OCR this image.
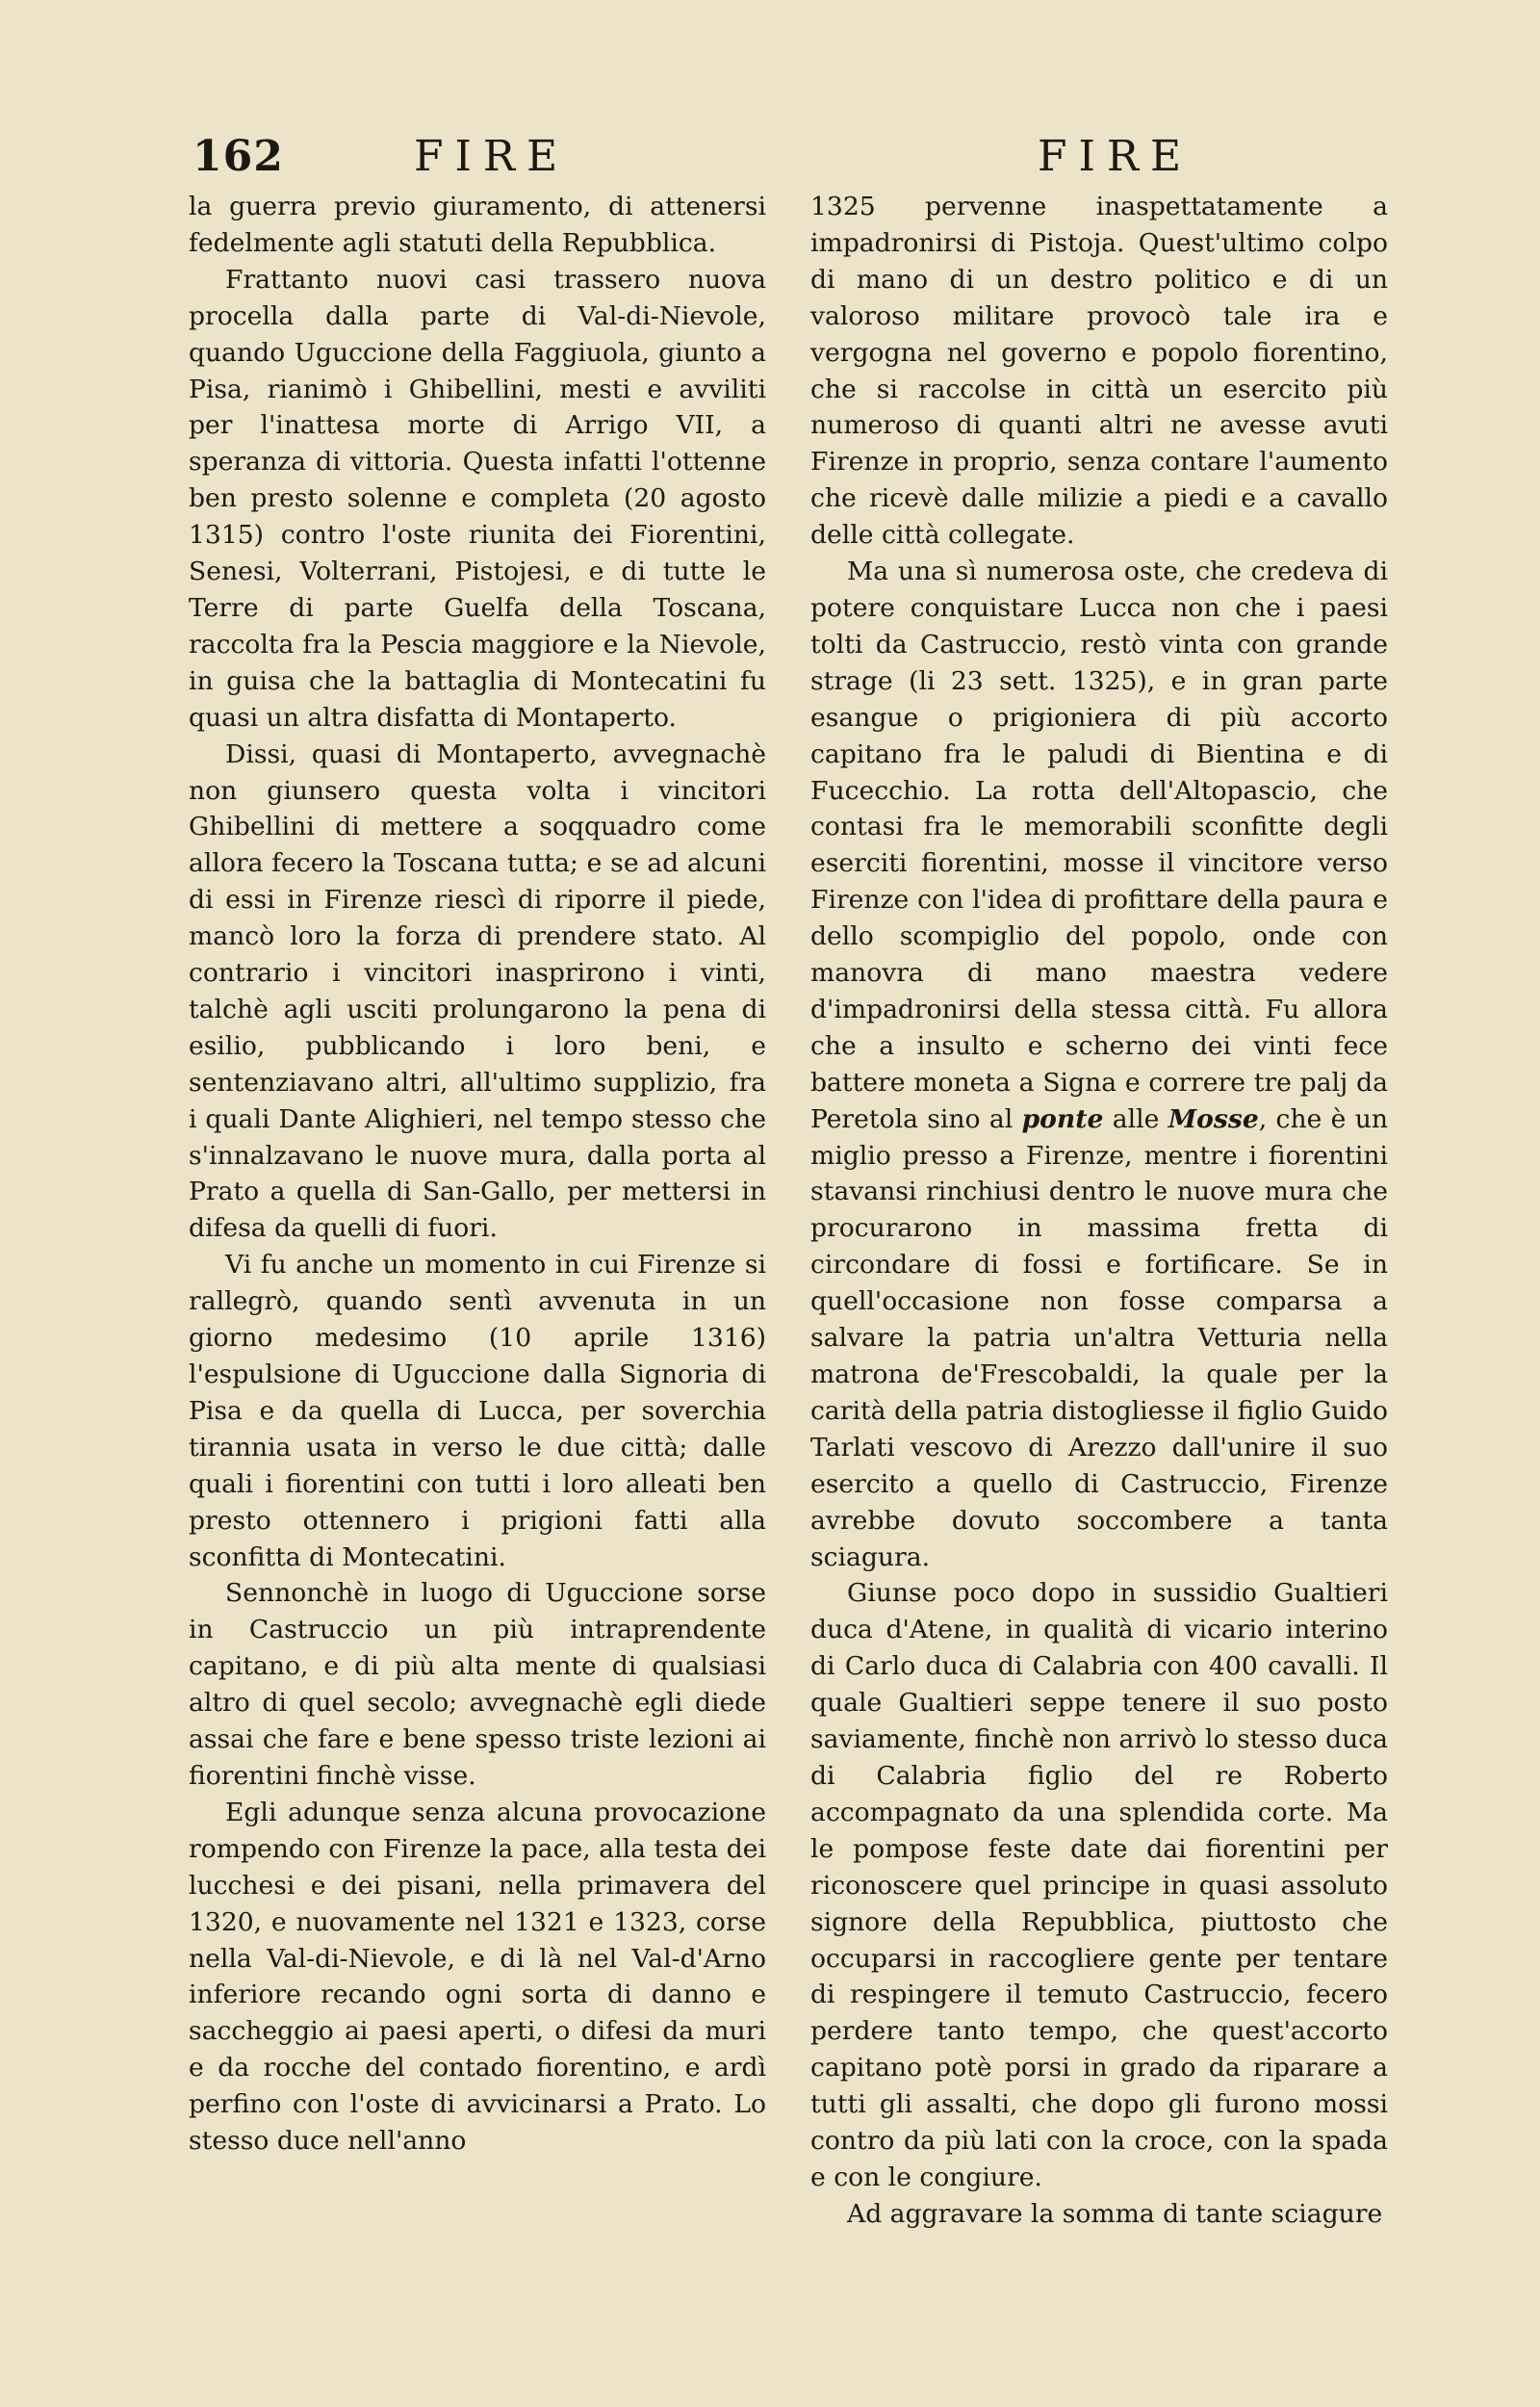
162	FIRE	FIRE

la guerra previo giuramento, di attenersi fedelmente agli statuti della Repubblica.

Frattanto nuovi casi trassero nuova procella dalla parte di Val-di-Nievole, quando Uguccione della Faggiuola, giunto a Pisa, rianimò i Ghibellini, mesti e avviliti per l'inattesa morte di Arrigo VII, a speranza di vittoria. Questa infatti l'ottenne ben presto solenne e completa (20 agosto 1315) contro l'oste riunita dei Fiorentini, Senesi, Volterrani, Pistojesi, e di tutte le Terre di parte Guelfa della Toscana, raccolta fra la Pescia maggiore e la Nievole, in guisa che la battaglia di Montecatini fu quasi un altra disfatta di Montaperto.

Dissi, quasi di Montaperto, avvegnachè non giunsero questa volta i vincitori Ghibellini di mettere a soqquadro come allora fecero la Toscana tutta; e se ad alcuni di essi in Firenze riescì di riporre il piede, mancò loro la forza di prendere stato. Al contrario i vincitori inasprirono i vinti, talchè agli usciti prolungarono la pena di esilio, pubblicando i loro beni, e sentenziavano altri, all'ultimo supplizio, fra i quali Dante Alighieri, nel tempo stesso che s'innalzavano le nuove mura, dalla porta al Prato a quella di San-Gallo, per mettersi in difesa da quelli di fuori.

Vi fu anche un momento in cui Firenze si rallegrò, quando sentì avvenuta in un giorno medesimo (10 aprile 1316) l'espulsione di Uguccione dalla Signoria di Pisa e da quella di Lucca, per soverchia tirannia usata in verso le due città; dalle quali i fiorentini con tutti i loro alleati ben presto ottennero i prigioni fatti alla sconfitta di Montecatini.

Sennonchè in luogo di Uguccione sorse in Castruccio un più intraprendente capitano, e di più alta mente di qualsiasi altro di quel secolo; avvegnachè egli diede assai che fare e bene spesso triste lezioni ai fiorentini finchè visse.

Egli adunque senza alcuna provocazione rompendo con Firenze la pace, alla testa dei lucchesi e dei pisani, nella primavera del 1320, e nuovamente nel 1321 e 1323, corse nella Val-di-Nievole, e di là nel Val-d'Arno inferiore recando ogni sorta di danno e saccheggio ai paesi aperti, o difesi da muri e da rocche del contado fiorentino, e ardì perfino con l'oste di avvicinarsi a Prato. Lo stesso duce nell'anno

1325 pervenne inaspettatamente a impadronirsi di Pistoja. Quest'ultimo colpo di mano di un destro politico e di un valoroso militare provocò tale ira e vergogna nel governo e popolo fiorentino, che si raccolse in città un esercito più numeroso di quanti altri ne avesse avuti Firenze in proprio, senza contare l'aumento che ricevè dalle milizie a piedi e a cavallo delle città collegate.

Ma una sì numerosa oste, che credeva di potere conquistare Lucca non che i paesi tolti da Castruccio, restò vinta con grande strage (li 23 sett. 1325), e in gran parte esangue o prigioniera di più accorto capitano fra le paludi di Bientina e di Fucecchio. La rotta dell'Altopascio, che contasi fra le memorabili sconfitte degli eserciti fiorentini, mosse il vincitore verso Firenze con l'idea di profittare della paura e dello scompiglio del popolo, onde con manovra di mano maestra vedere d'impadronirsi della stessa città. Fu allora che a insulto e scherno dei vinti fece battere moneta a Signa e correre tre palj da Peretola sino al ponte alle Mosse, che è un miglio presso a Firenze, mentre i fiorentini stavansi rinchiusi dentro le nuove mura che procurarono in massima fretta di circondare di fossi e fortificare. Se in quell'occasione non fosse comparsa a salvare la patria un'altra Vetturia nella matrona de'Frescobaldi, la quale per la carità della patria distogliesse il figlio Guido Tarlati vescovo di Arezzo dall'unire il suo esercito a quello di Castruccio, Firenze avrebbe dovuto soccombere a tanta sciagura.

Giunse poco dopo in sussidio Gualtieri duca d'Atene, in qualità di vicario interino di Carlo duca di Calabria con 400 cavalli. Il quale Gualtieri seppe tenere il suo posto saviamente, finchè non arrivò lo stesso duca di Calabria figlio del re Roberto accompagnato da una splendida corte. Ma le pompose feste date dai fiorentini per riconoscere quel principe in quasi assoluto signore della Repubblica, piuttosto che occuparsi in raccogliere gente per tentare di respingere il temuto Castruccio, fecero perdere tanto tempo, che quest'accorto capitano potè porsi in grado da riparare a tutti gli assalti, che dopo gli furono mossi contro da più lati con la croce, con la spada e con le congiure.

Ad aggravare la somma di tante sciagure
